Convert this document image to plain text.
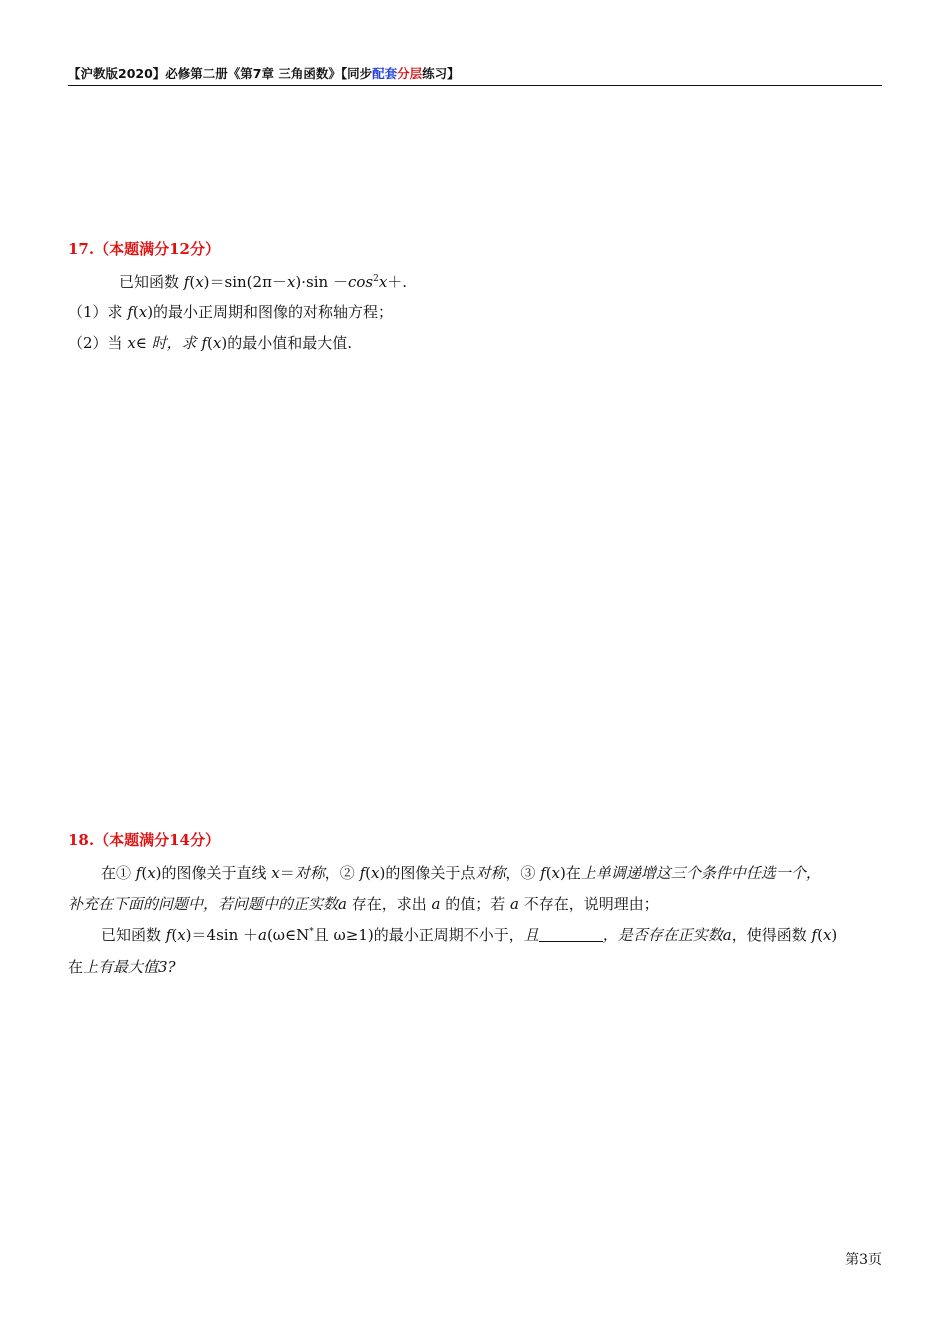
【沪教版2020】必修第二册《第7章 三角函数》【同步配套分层练习】
17.（本题满分12分）
已知函数 $f(x)=\sin(2\pi-x)\cdot\sin -\cos^2x+$.
（1）求 f(x)的最小正周期和图像的对称轴方程；
（2）当 x∈ 时，求 f(x)的最小值和最大值.
18.（本题满分14分）
在① f(x)的图像关于直线 x＝对称，② f(x)的图像关于点对称，③ f(x)在上单调递增这三个条件中任选一个，
补充在下面的问题中，若问题中的正实数a 存在，求出 a 的值；若 a 不存在，说明理由；
已知函数 f(x)＝4sin ＋a(ω∈N*且 ω≥1)的最小正周期不小于，且	，是否存在正实数a，使得函数 f(x)
在上有最大值3?
第3页
